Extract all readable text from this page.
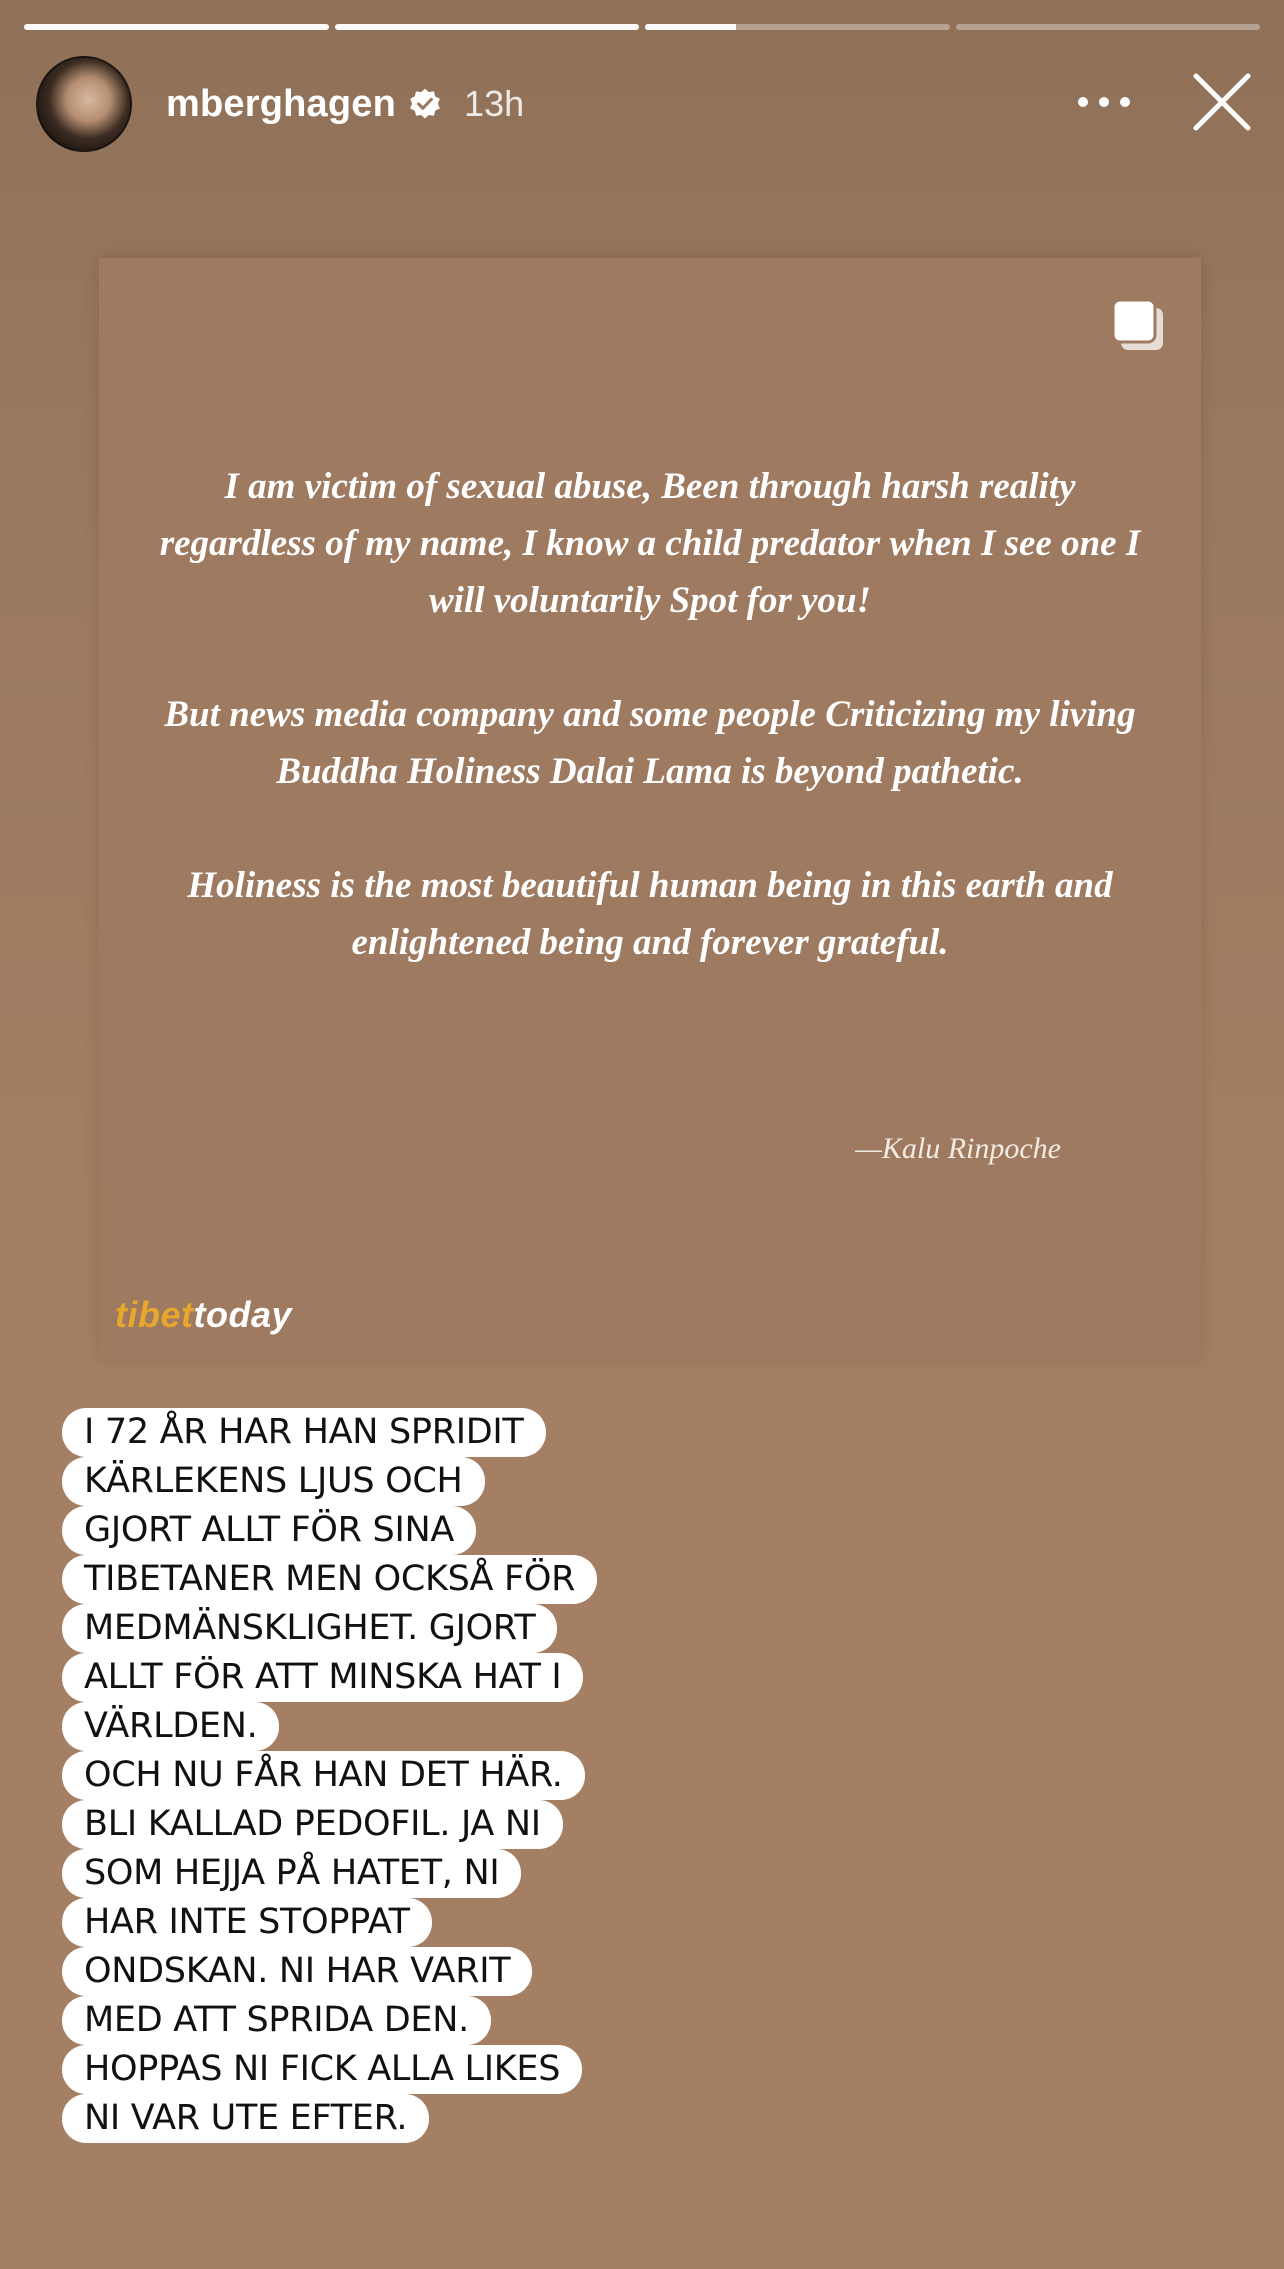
mberghagen 13h

I am victim of sexual abuse, Been through harsh reality regardless of my name, I know a child predator when I see one I will voluntarily Spot for you!

But news media company and some people Criticizing my living Buddha Holiness Dalai Lama is beyond pathetic.

Holiness is the most beautiful human being in this earth and enlightened being and forever grateful.

—Kalu Rinpoche
tibettoday
I 72 ÅR HAR HAN SPRIDIT
KÄRLEKENS LJUS OCH
GJORT ALLT FÖR SINA
TIBETANER MEN OCKSÅ FÖR
MEDMÄNSKLIGHET. GJORT
ALLT FÖR ATT MINSKA HAT I
VÄRLDEN.
OCH NU FÅR HAN DET HÄR.
BLI KALLAD PEDOFIL. JA NI
SOM HEJJA PÅ HATET, NI
HAR INTE STOPPAT
ONDSKAN. NI HAR VARIT
MED ATT SPRIDA DEN.
HOPPAS NI FICK ALLA LIKES
NI VAR UTE EFTER.
